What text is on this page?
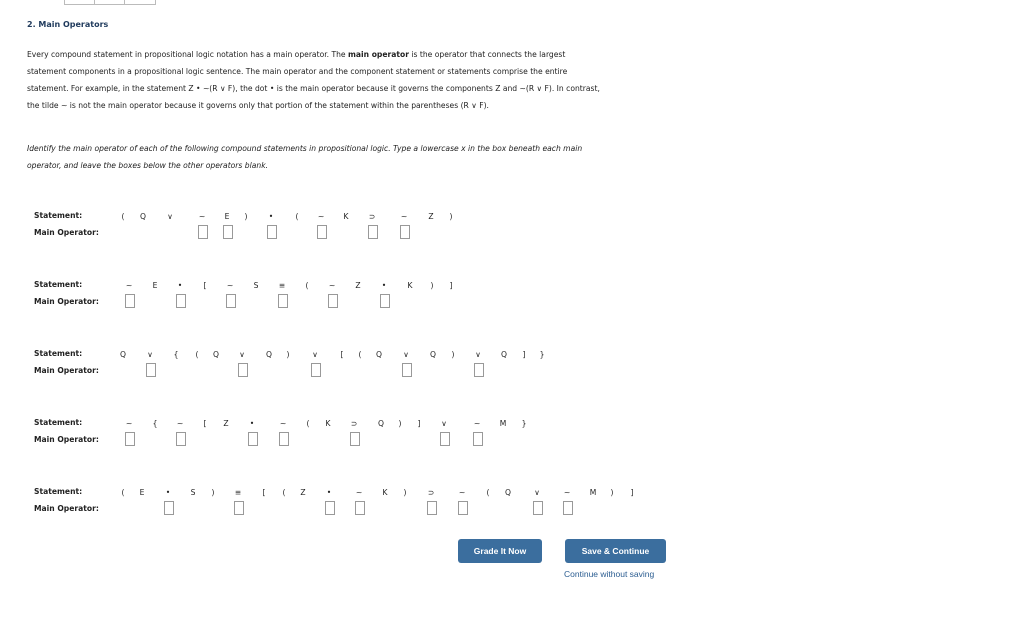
2. Main Operators
Every compound statement in propositional logic notation has a main operator. The main operator is the operator that connects the largest
statement components in a propositional logic sentence. The main operator and the component statement or statements comprise the entire
statement. For example, in the statement Z • ~(R ∨ F), the dot • is the main operator because it governs the components Z and ~(R ∨ F). In contrast,
the tilde ~ is not the main operator because it governs only that portion of the statement within the parentheses (R ∨ F).
Identify the main operator of each of the following compound statements in propositional logic. Type a lowercase x in the box beneath each main
operator, and leave the boxes below the other operators blank.
Statement:
Main Operator:
(	Q	∨	~	E	)	•	(	~	K	⊃	~	Z	)
Statement:
Main Operator:
~	E	•	[	~	S	≡	(	~	Z	•	K	)	]
Statement:
Main Operator:
Q	∨	{	(	Q	∨	Q	)	∨	[	(	Q	∨	Q	)	∨	Q	]	}
Statement:
Main Operator:
~	{	~	[	Z	•	~	(	K	⊃	Q	)	]	∨	~	M	}
Statement:
Main Operator:
(	E	•	S	)	≡	[	(	Z	•	~	K	)	⊃	~	(	Q	∨	~	M	)	]
Grade It Now	Save & Continue
Continue without saving
